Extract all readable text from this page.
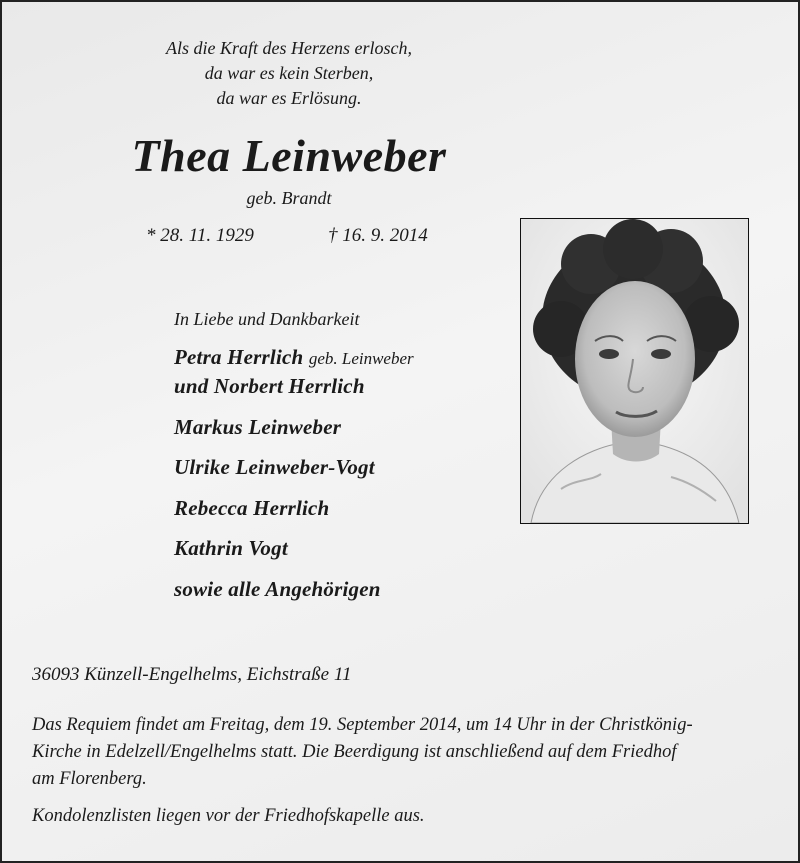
Als die Kraft des Herzens erlosch,
da war es kein Sterben,
da war es Erlösung.
Thea Leinweber
geb. Brandt
* 28. 11. 1929	† 16. 9. 2014
In Liebe und Dankbarkeit
Petra Herrlich geb. Leinweber
und Norbert Herrlich
Markus Leinweber
Ulrike Leinweber-Vogt
Rebecca Herrlich
Kathrin Vogt
sowie alle Angehörigen
36093 Künzell-Engelhelms, Eichstraße 11
Das Requiem findet am Freitag, dem 19. September 2014, um 14 Uhr in der Christkönig-
Kirche in Edelzell/Engelhelms statt. Die Beerdigung ist anschließend auf dem Friedhof
am Florenberg.
Kondolenzlisten liegen vor der Friedhofskapelle aus.
